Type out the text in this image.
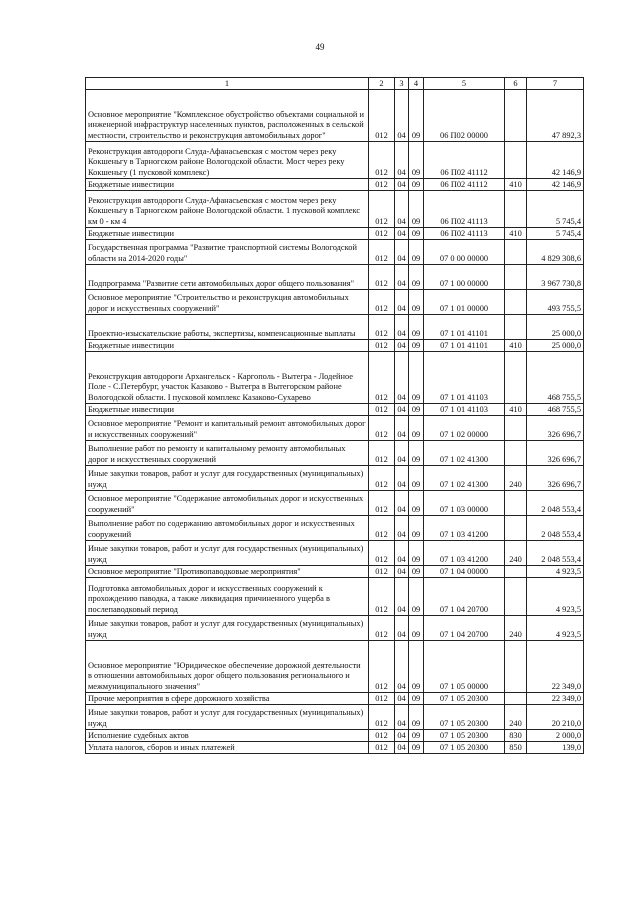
49
1	2	3	4	5	6	7
Основное мероприятие "Комплексное обустройство объектами социальной и инженерной инфраструктур населенных пунктов, расположенных в сельской местности, строительство и реконструкция автомобильных дорог"	012	04	09	06 П02 00000		47 892,3
Реконструкция автодороги Слуда-Афанасьевская с мостом через реку Кокшеньгу в Тарногском районе Вологодской области. Мост через реку Кокшеньгу (1 пусковой комплекс)	012	04	09	06 П02 41112		42 146,9
Бюджетные инвестиции	012	04	09	06 П02 41112	410	42 146,9
Реконструкция автодороги Слуда-Афанасьевская с мостом через реку Кокшеньгу в Тарногском районе Вологодской области. 1 пусковой комплекс км 0 - км 4	012	04	09	06 П02 41113		5 745,4
Бюджетные инвестиции	012	04	09	06 П02 41113	410	5 745,4
Государственная программа "Развитие транспортной системы Вологодской области на 2014-2020 годы"	012	04	09	07 0 00 00000		4 829 308,6
Подпрограмма "Развитие сети автомобильных дорог общего пользования"	012	04	09	07 1 00 00000		3 967 730,8
Основное мероприятие "Строительство и реконструкция автомобильных дорог и искусственных сооружений"	012	04	09	07 1 01 00000		493 755,5
Проектно-изыскательские работы, экспертизы, компенсационные выплаты	012	04	09	07 1 01 41101		25 000,0
Бюджетные инвестиции	012	04	09	07 1 01 41101	410	25 000,0
Реконструкция автодороги Архангельск - Каргополь - Вытегра - Лодейное Поле - С.Петербург, участок Казаково - Вытегра в Вытегорском районе Вологодской области. I пусковой комплекс Казаково-Сухарево	012	04	09	07 1 01 41103		468 755,5
Бюджетные инвестиции	012	04	09	07 1 01 41103	410	468 755,5
Основное мероприятие "Ремонт и капитальный ремонт автомобильных дорог и искусственных сооружений"	012	04	09	07 1 02 00000		326 696,7
Выполнение работ по ремонту и капитальному ремонту автомобильных дорог и искусственных сооружений	012	04	09	07 1 02 41300		326 696,7
Иные закупки товаров, работ и услуг для государственных (муниципальных) нужд	012	04	09	07 1 02 41300	240	326 696,7
Основное мероприятие "Содержание автомобильных дорог и искусственных сооружений"	012	04	09	07 1 03 00000		2 048 553,4
Выполнение работ по содержанию автомобильных дорог и искусственных сооружений	012	04	09	07 1 03 41200		2 048 553,4
Иные закупки товаров, работ и услуг для государственных (муниципальных) нужд	012	04	09	07 1 03 41200	240	2 048 553,4
Основное мероприятие "Противопаводковые мероприятия"	012	04	09	07 1 04 00000		4 923,5
Подготовка автомобильных дорог и искусственных сооружений к прохождению паводка, а также ликвидация причиненного ущерба в послепаводковый период	012	04	09	07 1 04 20700		4 923,5
Иные закупки товаров, работ и услуг для государственных (муниципальных) нужд	012	04	09	07 1 04 20700	240	4 923,5
Основное мероприятие "Юридическое обеспечение дорожной деятельности в отношении автомобильных дорог общего пользования регионального и межмуниципального значения"	012	04	09	07 1 05 00000		22 349,0
Прочие мероприятия в сфере дорожного хозяйства	012	04	09	07 1 05 20300		22 349,0
Иные закупки товаров, работ и услуг для государственных (муниципальных) нужд	012	04	09	07 1 05 20300	240	20 210,0
Исполнение судебных актов	012	04	09	07 1 05 20300	830	2 000,0
Уплата налогов, сборов и иных платежей	012	04	09	07 1 05 20300	850	139,0
